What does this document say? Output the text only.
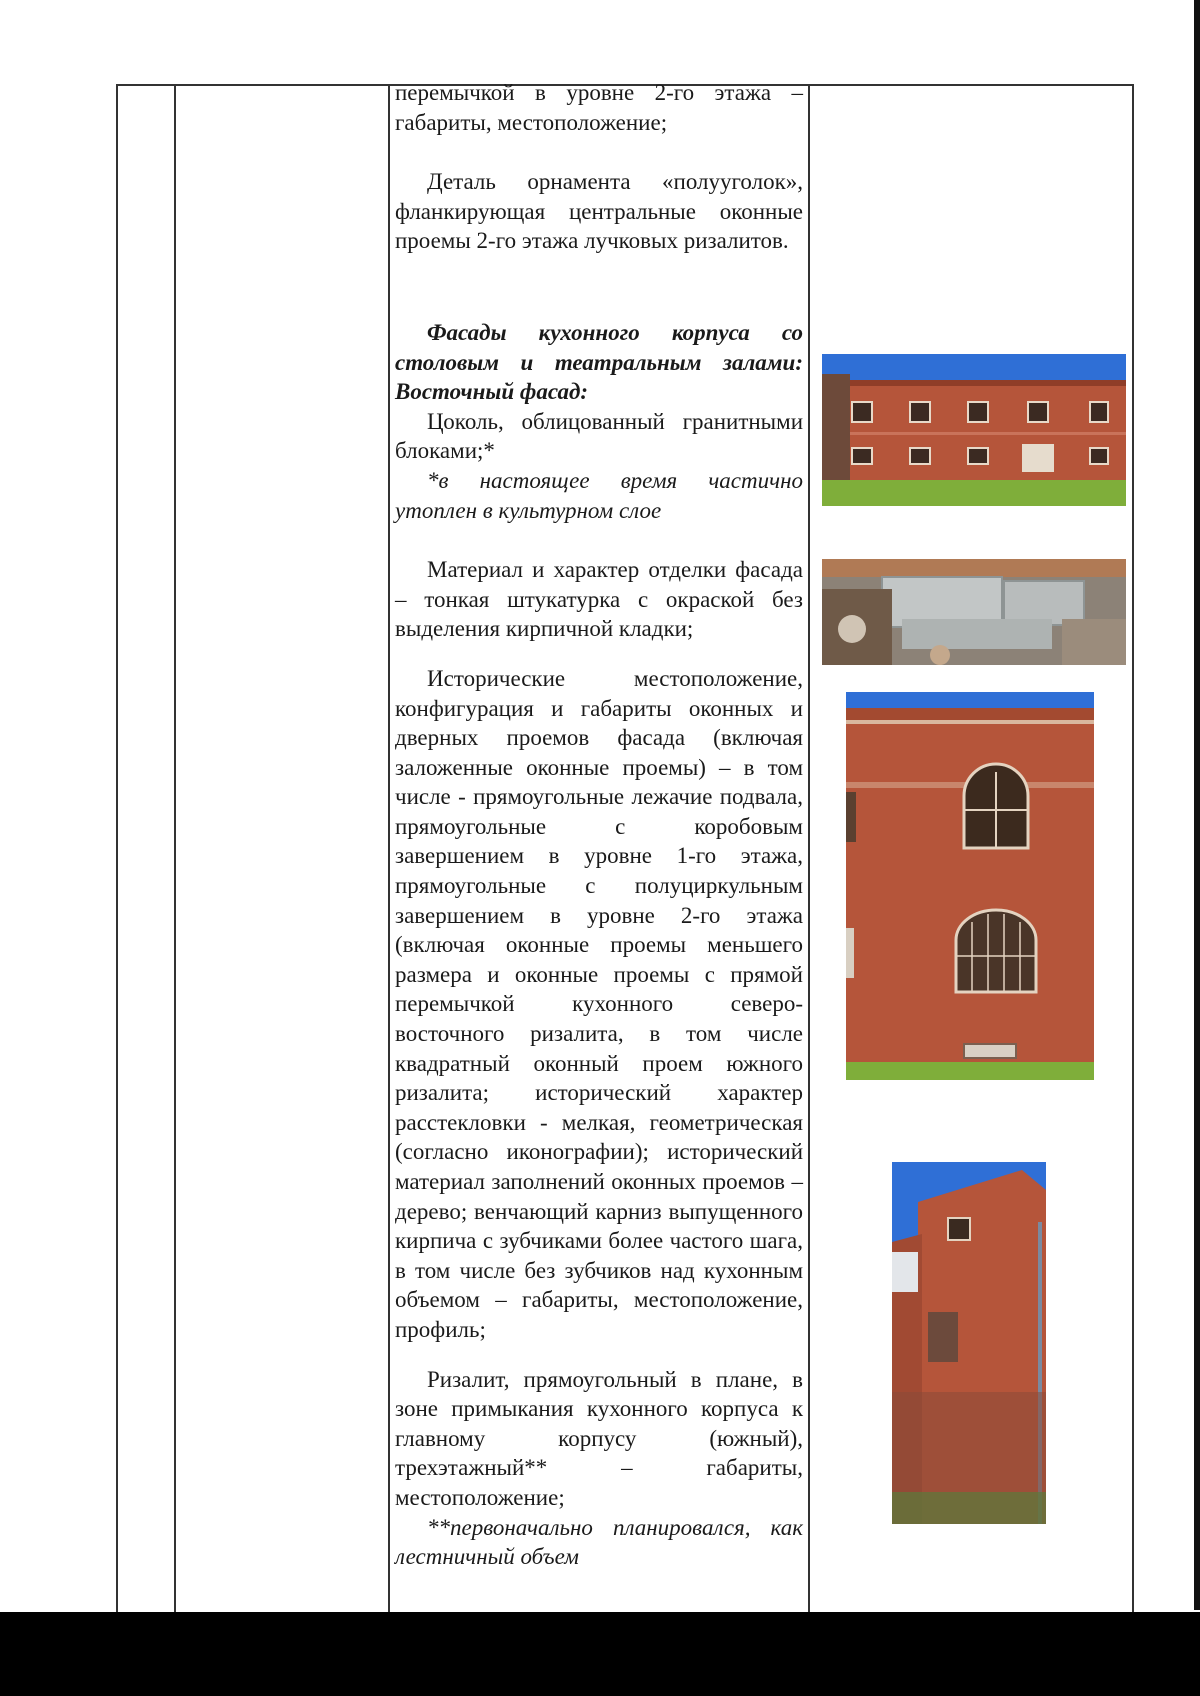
перемычкой в уровне 2-го этажа – габариты, местоположение;

Деталь орнамента «полууголок», фланкирующая центральные оконные проемы 2-го этажа лучковых ризалитов.

Фасады кухонного корпуса со столовым и театральным залами: Восточный фасад:

Цоколь, облицованный гранитными блоками;*

*в настоящее время частично утоплен в культурном слое

Материал и характер отделки фасада – тонкая штукатурка с окраской без выделения кирпичной кладки;

Исторические местоположение, конфигурация и габариты оконных и дверных проемов фасада (включая заложенные оконные проемы) – в том числе - прямоугольные лежачие подвала, прямоугольные с коробовым завершением в уровне 1-го этажа, прямоугольные с полуциркульным завершением в уровне 2-го этажа (включая оконные проемы меньшего размера и оконные проемы с прямой перемычкой кухонного северо-восточного ризалита, в том числе квадратный оконный проем южного ризалита; исторический характер расстекловки - мелкая, геометрическая (согласно иконографии); исторический материал заполнений оконных проемов –дерево; венчающий карниз выпущенного кирпича с зубчиками более частого шага, в том числе без зубчиков над кухонным объемом – габариты, местоположение, профиль;

Ризалит, прямоугольный в плане, в зоне примыкания кухонного корпуса к главному корпусу (южный), трехэтажный** – габариты, местоположение;

**первоначально планировался, как лестничный объем
